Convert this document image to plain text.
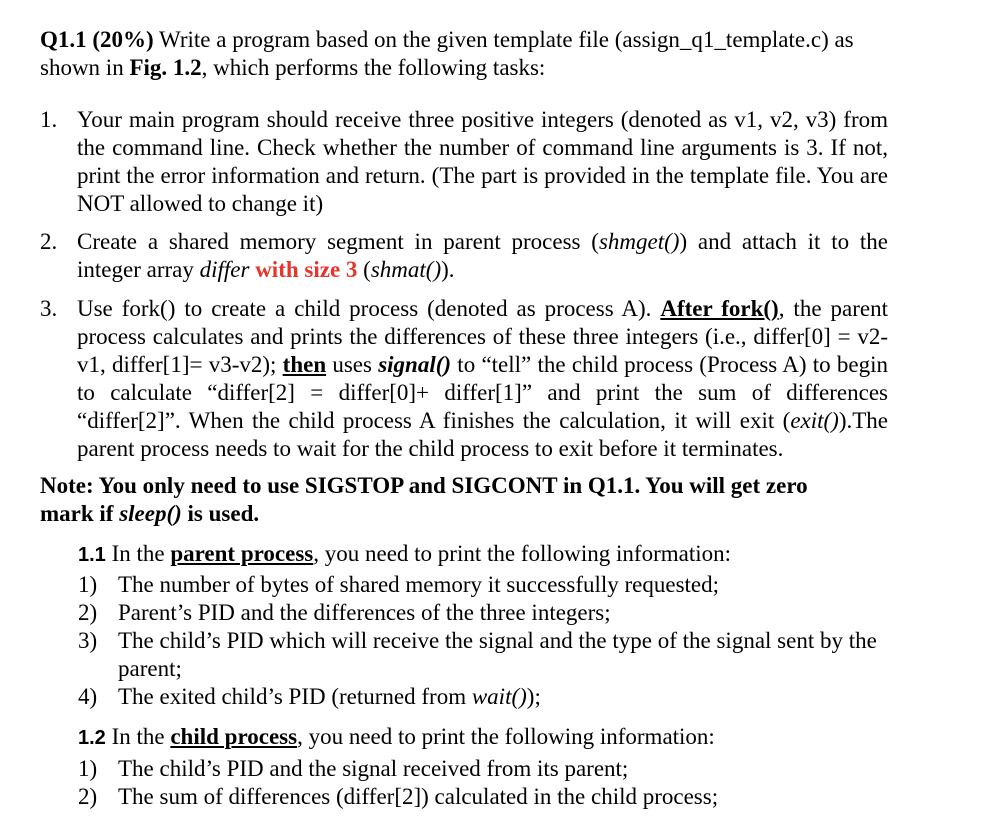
Q1.1 (20%) Write a program based on the given template file (assign_q1_template.c) as shown in Fig. 1.2, which performs the following tasks:

1. Your main program should receive three positive integers (denoted as v1, v2, v3) from the command line. Check whether the number of command line arguments is 3. If not, print the error information and return. (The part is provided in the template file. You are NOT allowed to change it)

2. Create a shared memory segment in parent process (shmget()) and attach it to the integer array differ with size 3 (shmat()).

3. Use fork() to create a child process (denoted as process A). After fork(), the parent process calculates and prints the differences of these three integers (i.e., differ[0] = v2-v1, differ[1]= v3-v2); then uses signal() to “tell” the child process (Process A) to begin to calculate “differ[2] = differ[0]+ differ[1]” and print the sum of differences “differ[2]”. When the child process A finishes the calculation, it will exit (exit()).The parent process needs to wait for the child process to exit before it terminates.

Note: You only need to use SIGSTOP and SIGCONT in Q1.1. You will get zero mark if sleep() is used.

1.1 In the parent process, you need to print the following information:

1) The number of bytes of shared memory it successfully requested;
2) Parent’s PID and the differences of the three integers;
3) The child’s PID which will receive the signal and the type of the signal sent by the parent;
4) The exited child’s PID (returned from wait());

1.2 In the child process, you need to print the following information:

1) The child’s PID and the signal received from its parent;
2) The sum of differences (differ[2]) calculated in the child process;
